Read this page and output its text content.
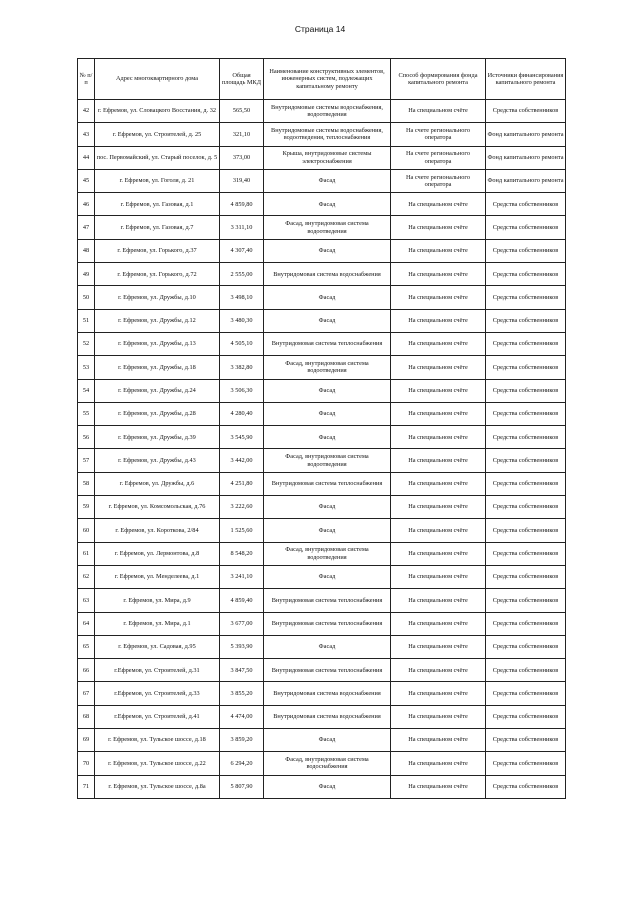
Страница 14
№ п/п	Адрес многоквартирного дома	Общая площадь МКД	Наименование конструктивных элементов, инженерных систем, подлежащих капитальному ремонту	Способ формирования фонда капитального ремонта	Источники финансирования капитального ремонта
42	г. Ефремов, ул. Словацкого Восстания, д. 32	565,50	Внутридомовые системы водоснабжения, водоотведения	На специальном счёте	Средства собственников
43	г. Ефремов, ул. Строителей, д. 25	321,10	Внутридомовые системы водоснабжения, водоотведения, теплоснабжения	На счете регионального оператора	Фонд капитального ремонта
44	пос. Первомайский, ул. Старый поселок, д. 5	373,00	Крыша, внутридомовые системы электроснабжения	На счете регионального оператора	Фонд капитального ремонта
45	г. Ефремов, ул. Гоголя, д. 21	319,40	Фасад	На счете регионального оператора	Фонд капитального ремонта
46	г. Ефремов, ул. Газовая, д.1	4 859,80	Фасад	На специальном счёте	Средства собственников
47	г. Ефремов, ул. Газовая, д.7	3 311,10	Фасад, внутридомовая система водоотведения	На специальном счёте	Средства собственников
48	г. Ефремов, ул. Горького, д.37	4 307,40	Фасад	На специальном счёте	Средства собственников
49	г. Ефремов, ул. Горького, д.72	2 555,00	Внутридомовая система водоснабжения	На специальном счёте	Средства собственников
50	г. Ефремов, ул. Дружбы, д.10	3 498,10	Фасад	На специальном счёте	Средства собственников
51	г. Ефремов, ул. Дружбы, д.12	3 480,30	Фасад	На специальном счёте	Средства собственников
52	г. Ефремов, ул. Дружбы, д.13	4 505,10	Внутридомовая система теплоснабжения	На специальном счёте	Средства собственников
53	г. Ефремов, ул. Дружбы, д.18	3 382,80	Фасад, внутридомовая система водоотведения	На специальном счёте	Средства собственников
54	г. Ефремов, ул. Дружбы, д.24	3 506,30	Фасад	На специальном счёте	Средства собственников
55	г. Ефремов, ул. Дружбы, д.28	4 280,40	Фасад	На специальном счёте	Средства собственников
56	г. Ефремов, ул. Дружбы, д.39	3 545,90	Фасад	На специальном счёте	Средства собственников
57	г. Ефремов, ул. Дружбы, д.43	3 442,00	Фасад, внутридомовая система водоотведения	На специальном счёте	Средства собственников
58	г. Ефремов, ул. Дружбы, д.6	4 251,80	Внутридомовая система теплоснабжения	На специальном счёте	Средства собственников
59	г. Ефремов, ул. Комсомольская, д.76	3 222,60	Фасад	На специальном счёте	Средства собственников
60	г. Ефремов, ул. Короткова, 2/84	1 525,60	Фасад	На специальном счёте	Средства собственников
61	г. Ефремов, ул. Лермонтова, д.8	8 548,20	Фасад, внутридомовая система водоотведения	На специальном счёте	Средства собственников
62	г. Ефремов, ул. Менделеева, д.1	3 241,10	Фасад	На специальном счёте	Средства собственников
63	г. Ефремов, ул. Мира, д.9	4 859,40	Внутридомовая система теплоснабжения	На специальном счёте	Средства собственников
64	г. Ефремов, ул. Мира, д.1	3 677,00	Внутридомовая система теплоснабжения	На специальном счёте	Средства собственников
65	г. Ефремов, ул. Садовая, д.95	5 393,90	Фасад	На специальном счёте	Средства собственников
66	г.Ефремов, ул. Строителей, д.31	3 847,50	Внутридомовая система теплоснабжения	На специальном счёте	Средства собственников
67	г.Ефремов, ул. Строителей, д.33	3 855,20	Внутридомовая система водоснабжения	На специальном счёте	Средства собственников
68	г.Ефремов, ул. Строителей, д.41	4 474,00	Внутридомовая система водоснабжения	На специальном счёте	Средства собственников
69	г. Ефремов, ул. Тульское шоссе, д.18	3 859,20	Фасад	На специальном счёте	Средства собственников
70	г. Ефремов, ул. Тульское шоссе, д.22	6 294,20	Фасад, внутридомовая система водоснабжения	На специальном счёте	Средства собственников
71	г. Ефремов, ул. Тульское шоссе, д.8а	5 807,90	Фасад	На специальном счёте	Средства собственников
